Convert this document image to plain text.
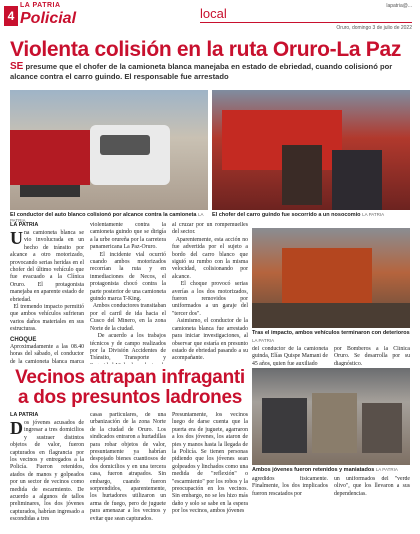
4
LA PATRIA
Policial	local	lapatria@...
Oruro, domingo 3 de julio de 2022
Violenta colisión en la ruta Oruro-La Paz
SE presume que el chofer de la camioneta blanca manejaba en estado de ebriedad, cuando colisionó por alcance contra el carro guindo. El responsable fue arrestado
El conductor del auto blanco colisionó por alcance contra la camioneta LA PATRIA
El chofer del carro guindo fue socorrido a un nosocomio LA PATRIA
LA PATRIA
U na camioneta blanca se vio involucrada en un hecho de tránsito por alcance a otro motorizado, provocando serias heridas en el chofer del último vehículo que fue evacuado a la Clínica Oruro. El protagonista manejaba en aparente estado de ebriedad.
El tremendo impacto permitió que ambos vehículos sufrieran varios daños materiales en sus estructuras.
CHOQUE
Aproximadamente a las 08.40 horas del sábado, el conductor de la camioneta blanca marca
violentamente contra la camioneta guindo que se dirigía a la urbe orureña por la carretera panamericana La Paz-Oruro.
El incidente vial ocurrió cuando ambos motorizados recorrían la ruta y en inmediaciones de Necos, el protagonista chocó contra la parte posterior de una camioneta guindo marca T-King.
Ambos conductores transitaban por el carril de ida hacia el Cusco del Minero, en la zona Norte de la ciudad.
De acuerdo a los trabajos técnicos y de campo realizados por la División Accidentes de Tránsito, Transporte y
al cruzar por un rompemuelles del sector.
Aparentemente, esta acción no fue advertida por el sujeto a bordo del carro blanco que siguió su rumbo con la misma velocidad, colisionando por alcance.
El choque provocó serias averías a los dos motorizados, fueron removidos por uniformados a un garaje del "tercer dos".
Asimismo, el conductor de la camioneta blanca fue arrestado para iniciar investigaciones, al observar que estaría en presunto estado de ebriedad pasando a su acompañante.
Tras el impacto, ambos vehículos terminaron con deterioros LA PATRIA
del conductor de la camioneta guinda, Elías Quispe Mamani de 45 años, quien fue auxiliado
por Bomberos a la Clínica Oruro. Se desarrolla por su diagnóstico.
Vecinos atrapan infraganti a dos presuntos ladrones
Ambos jóvenes fueron retenidos y maniatados LA PATRIA
LA PATRIA
D os jóvenes acusados de ingresar a tres domicilios y sustraer distintos objetos de valor, fueron capturados en flagrancia por los vecinos y entregados a la Policía. Fueron retenidos, atados de manos y golpeados por un sector de vecinos como medida de escarmiento. De acuerdo a algunos de tallos preliminares, los dos jóvenes capturados, habrían ingresado a escondidas a tres
casas particulares, de una urbanización de la zona Norte de la ciudad de Oruro. Los sindicados entraron a hurtadillas para robar objetos de valor, presuntamente ya habrían despojado bienes cuantiosos de dos domicilios y en una tercera casa, fueron atrapados. Sin embargo, cuando fueron sorprendidos, aparentemente, los hurtadores utilizaron un arma de fuego, pero de juguete para amenazar a los vecinos y evitar que sean capturados.
Presuntamente, los vecinos luego de darse cuenta que la puerta era de juguete, agarraron a los dos jóvenes, los ataron de pies y manos hasta la llegada de la Policía. Se tienen personas pidiendo que los jóvenes sean golpeados y linchados como una medida de "reflexión" o "escarmiento" por los robos y la preocupación en los vecinos. Sin embargo, no se les hizo más daño y solo se sabe en la espera por los vecinos, ambos jóvenes
agredidos físicamente. Finalmente, los dos implicados fueron rescatados por
un uniformados del "verde olivo", que los llevaron a sus dependencias.
